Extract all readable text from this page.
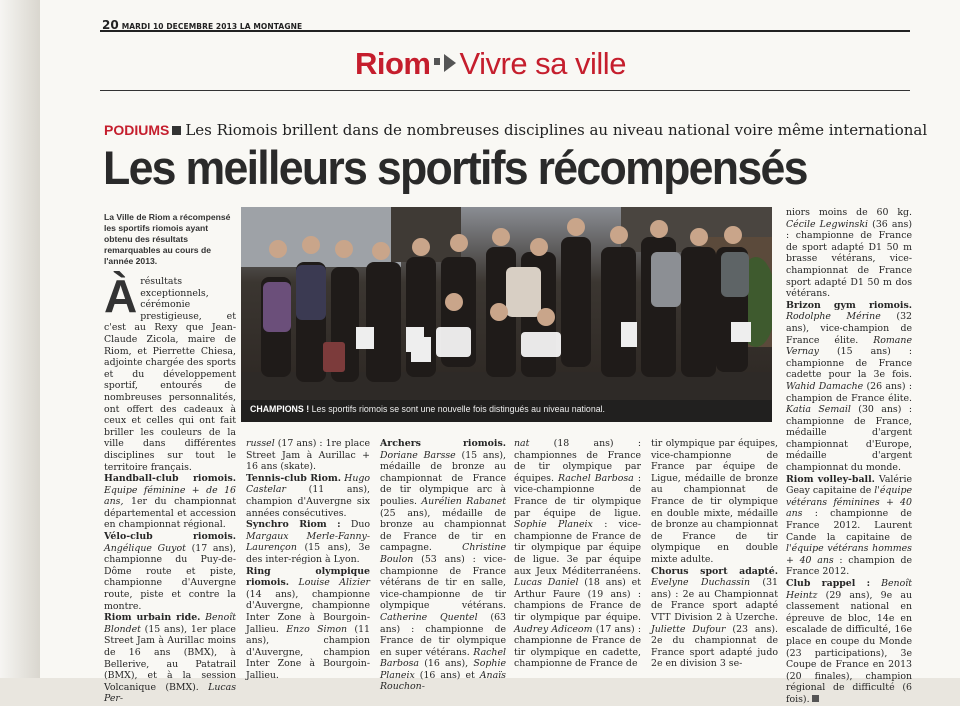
20 MARDI 10 DECEMBRE 2013 LA MONTAGNE
Riom Vivre sa ville
PODIUMS Les Riomois brillent dans de nombreuses disciplines au niveau national voire même international
Les meilleurs sportifs récompensés
La Ville de Riom a récompensé les sportifs riomois ayant obtenu des résultats remarquables au cours de l'année 2013.
CHAMPIONS ! Les sportifs riomois se sont une nouvelle fois distingués au niveau national.

Àrésultats exceptionnels, cérémonie prestigieuse, et c'est au Rexy que Jean-Claude Zicola, maire de Riom, et Pierrette Chiesa, adjointe chargée des sports et du développement sportif, entourés de nombreuses personnalités, ont offert des cadeaux à ceux et celles qui ont fait briller les couleurs de la ville dans différentes disciplines sur tout le territoire français.

Handball-club riomois. Equipe féminine + de 16 ans, 1er du championnat départemental et accession en championnat régional.

Vélo-club riomois. Angélique Guyot (17 ans), championne du Puy-de-Dôme route et piste, championne d'Auvergne route, piste et contre la montre.

Riom urbain ride. Benoît Blondet (15 ans), 1er place Street Jam à Aurillac moins de 16 ans (BMX), à Bellerive, au Patatrail (BMX), et à la session Volcanique (BMX). Lucas Per-

russel (17 ans) : 1re place Street Jam à Aurillac + 16 ans (skate).

Tennis-club Riom. Hugo Castelar (11 ans), champion d'Auvergne six années consécutives.

Synchro Riom : Duo Margaux Merle-Fanny-Laurençon (15 ans), 3e des inter-région à Lyon.

Ring olympique riomois. Louise Alizier (14 ans), championne d'Auvergne, championne Inter Zone à Bourgoin-Jallieu. Enzo Simon (11 ans), champion d'Auvergne, champion Inter Zone à Bourgoin-Jallieu.

Archers riomois. Doriane Barsse (15 ans), médaille de bronze au championnat de France de tir olympique arc à poulies. Aurélien Rabanet (25 ans), médaille de bronze au championnat de France de tir en campagne.	Christine Boulon (53 ans) : vice-championne de France vétérans de tir en salle, vice-championne de tir olympique vétérans. Catherine Quentel (63 ans) : championne de France de tir olympique en super vétérans. Rachel Barbosa (16 ans), Sophie Planeix (16 ans) et Anaïs Rouchon-

nat	(18 ans) : championnes de France de tir olympique par équipes. Rachel Barbosa : vice-championne de France de tir olympique par équipe de ligue. Sophie Planeix : vice-championne de France de tir olympique par équipe de ligue. 3e par équipe aux Jeux Méditerranéens. Lucas Daniel (18 ans) et Arthur Faure (19 ans) : champions de France de tir olympique par équipe. Audrey Adiceom (17 ans) : championne de France de tir olympique en cadette, championne de France de

tir olympique par équipes, vice-championne de France par équipe de Ligue, médaille de bronze au championnat de France de tir olympique en double mixte, médaille de bronze au championnat de France de tir olympique en double mixte adulte.

Chorus sport adapté. Evelyne Duchassin (31 ans) : 2e au Championnat de France sport adapté VTT Division 2 à Uzerche. Juliette Dufour (23 ans). 2e du championnat de France sport adapté judo 2e en division 3 se-

niors moins de 60 kg. Cécile Legwinski (36 ans) : championne de France de sport adapté D1 50 m brasse vétérans, vice-championnat de France sport adapté D1 50 m dos vétérans.

Brizon gym riomois. Rodolphe Mérine (32 ans), vice-champion de France élite. Romane Vernay (15 ans) : championne de France cadette pour la 3e fois. Wahid Damache (26 ans) : champion de France élite. Katia Semail (30 ans) : championne de France, médaille d'argent championnat d'Europe, médaille d'argent championnat du monde.

Riom volley-ball. Valérie Geay capitaine de l'équipe vétérans féminines + 40 ans : championne de France 2012. Laurent Cande la capitaine de l'équipe vétérans hommes + 40 ans : champion de France 2012.

Club rappel : Benoît Heintz (29 ans), 9e au classement national en épreuve de bloc, 14e en escalade de difficulté, 16e place en coupe du Monde (23 participations), 3e Coupe de France en 2013 (20 finales), champion régional de difficulté (6 fois).
